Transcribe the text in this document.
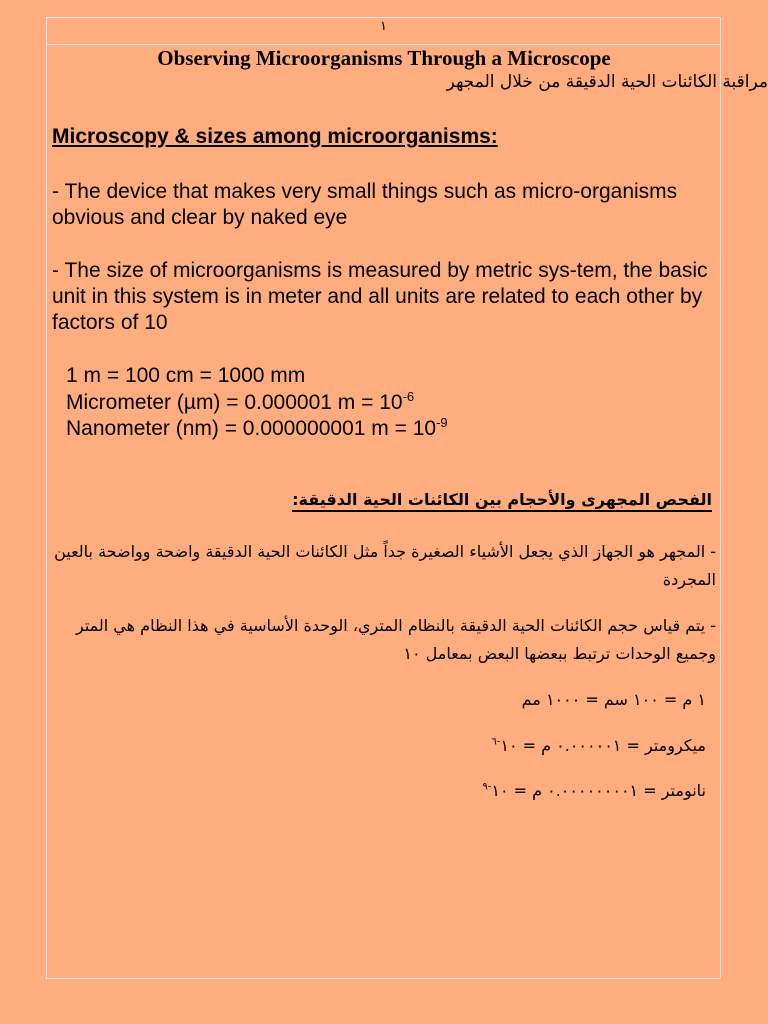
١
Observing Microorganisms Through a Microscope
مراقبة الكائنات الحية الدقيقة من خلال المجهر
Microscopy & sizes among microorganisms:

- The device that makes very small things such as micro-organisms obvious and clear by naked eye

- The size of microorganisms is measured by metric sys-tem, the basic unit in this system is in meter and all units are related to each other by factors of 10

1 m = 100 cm = 1000 mm
Micrometer (µm) = 0.000001 $m = 10^{-6}$
Nanometer (nm) = 0.000000001 $m = 10^{-9}$
الفحص المجهرى والأحجام بين الكائنات الحية الدقيقة:

- المجهر هو الجهاز الذي يجعل الأشياء الصغيرة جداً مثل الكائنات الحية الدقيقة واضحة وواضحة بالعين المجردة

- يتم قياس حجم الكائنات الحية الدقيقة بالنظام المتري، الوحدة الأساسية في هذا النظام هي المتر وجميع الوحدات ترتبط ببعضها البعض بمعامل ١٠

١ م = ١٠٠ سم = ١٠٠٠ مم
ميكرومتر = ٠.٠٠٠٠٠١ م = $١٠^{-٦}$
نانومتر = ٠.٠٠٠٠٠٠٠٠١ م = $١٠^{-٩}$
